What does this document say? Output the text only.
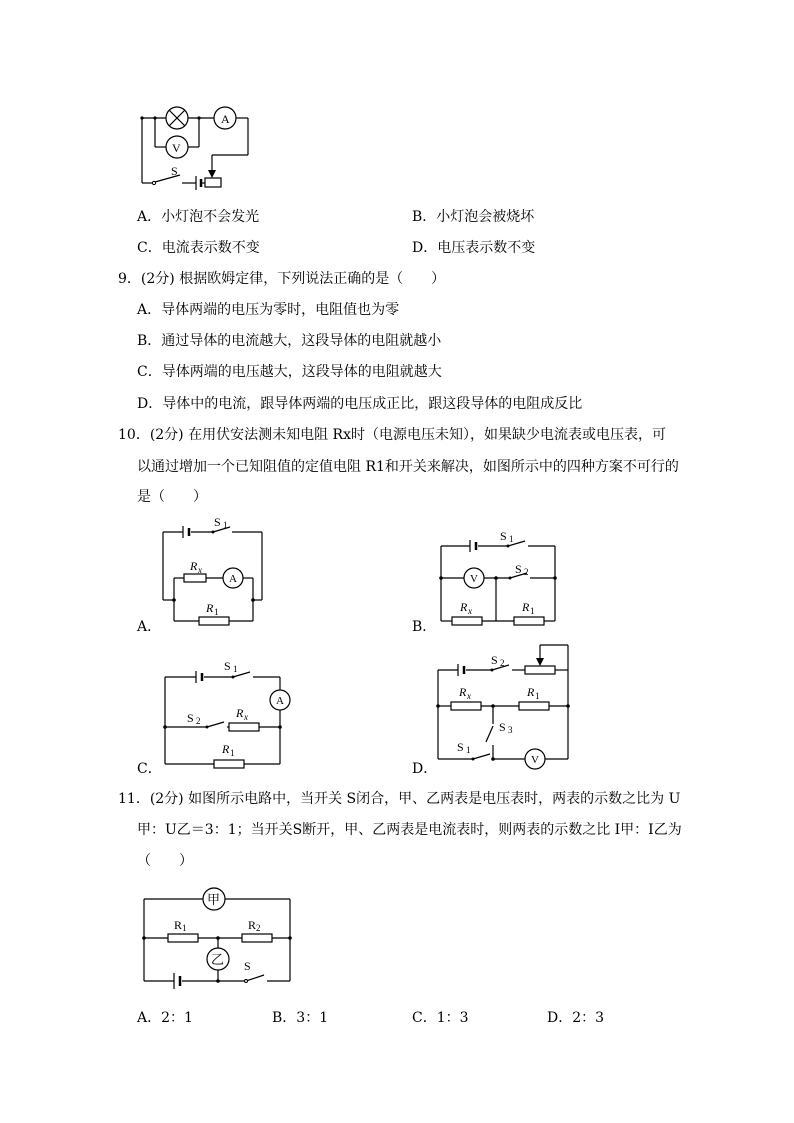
A
V
S
A．小灯泡不会发光	B．小灯泡会被烧坏
C．电流表示数不变	D．电压表示数不变
9．(2分) 根据欧姆定律，下列说法正确的是（　　）
A．导体两端的电压为零时，电阻值也为零
B．通过导体的电流越大，这段导体的电阻就越小
C．导体两端的电压越大，这段导体的电阻就越大
D．导体中的电流，跟导体两端的电压成正比，跟这段导体的电阻成反比
10．(2分) 在用伏安法测未知电阻 Rx时（电源电压未知），如果缺少电流表或电压表，可
以通过增加一个已知阻值的定值电阻 R1和开关来解决，如图所示中的四种方案不可行的
是（　　）
A．	B．
C．	D．
S 1
R x
A
R 1
S 1
V
S 2
R x	R 1
S 1
A
S 2
R x
R 1
S 2
R x	R 1
S 3
S 1
V
11．(2分) 如图所示电路中，当开关 S闭合，甲、乙两表是电压表时，两表的示数之比为 U
甲：U乙＝3：1；当开关S断开，甲、乙两表是电流表时，则两表的示数之比 I甲：I乙为
（　　）
甲
乙
R 1	R 2
S
A．2：1	B．3：1	C．1：3	D．2：3
